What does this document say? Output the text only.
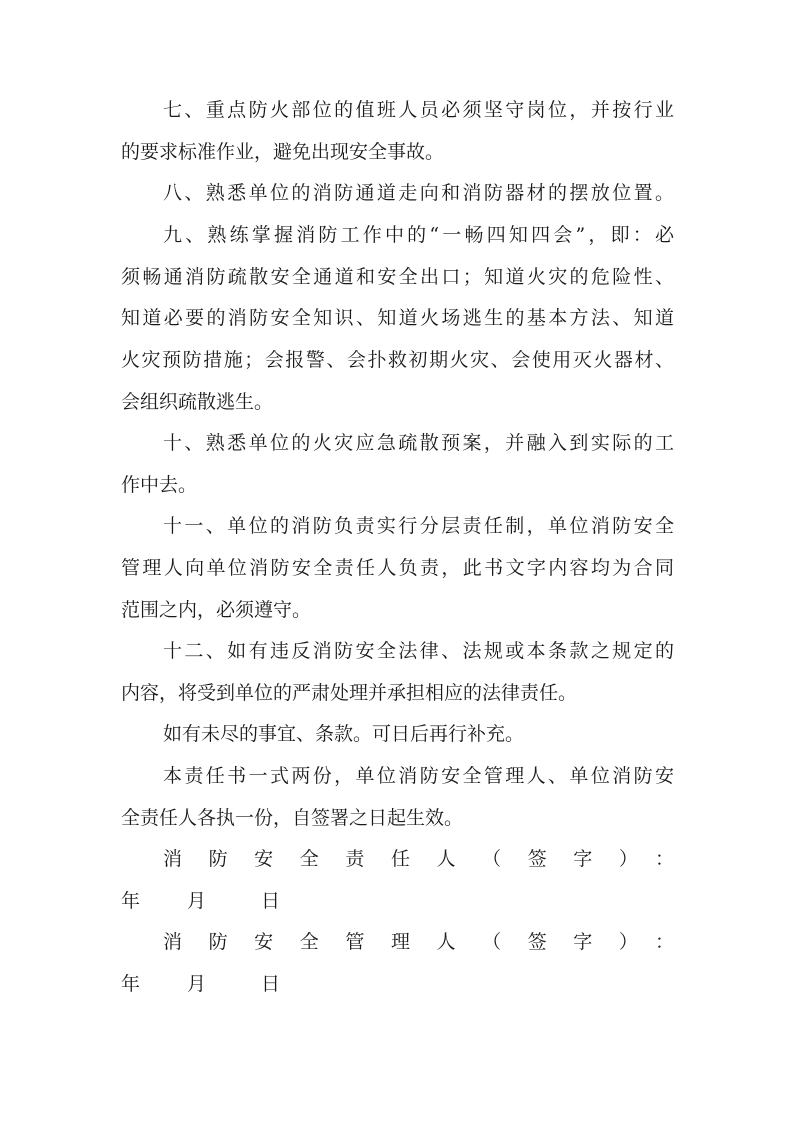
七、重点防火部位的值班人员必须坚守岗位，并按行业
的要求标准作业，避免出现安全事故。
八、熟悉单位的消防通道走向和消防器材的摆放位置。
九、熟练掌握消防工作中的“一畅四知四会”，即：必
须畅通消防疏散安全通道和安全出口；知道火灾的危险性、
知道必要的消防安全知识、知道火场逃生的基本方法、知道
火灾预防措施；会报警、会扑救初期火灾、会使用灭火器材、
会组织疏散逃生。
十、熟悉单位的火灾应急疏散预案，并融入到实际的工
作中去。
十一、单位的消防负责实行分层责任制，单位消防安全
管理人向单位消防安全责任人负责，此书文字内容均为合同
范围之内，必须遵守。
十二、如有违反消防安全法律、法规或本条款之规定的
内容，将受到单位的严肃处理并承担相应的法律责任。
如有未尽的事宜、条款。可日后再行补充。
本责任书一式两份，单位消防安全管理人、单位消防安
全责任人各执一份，自签署之日起生效。
消防安全责任人（签字）：
年 月	日
消防安全管理人（签字）：
年 月	日
